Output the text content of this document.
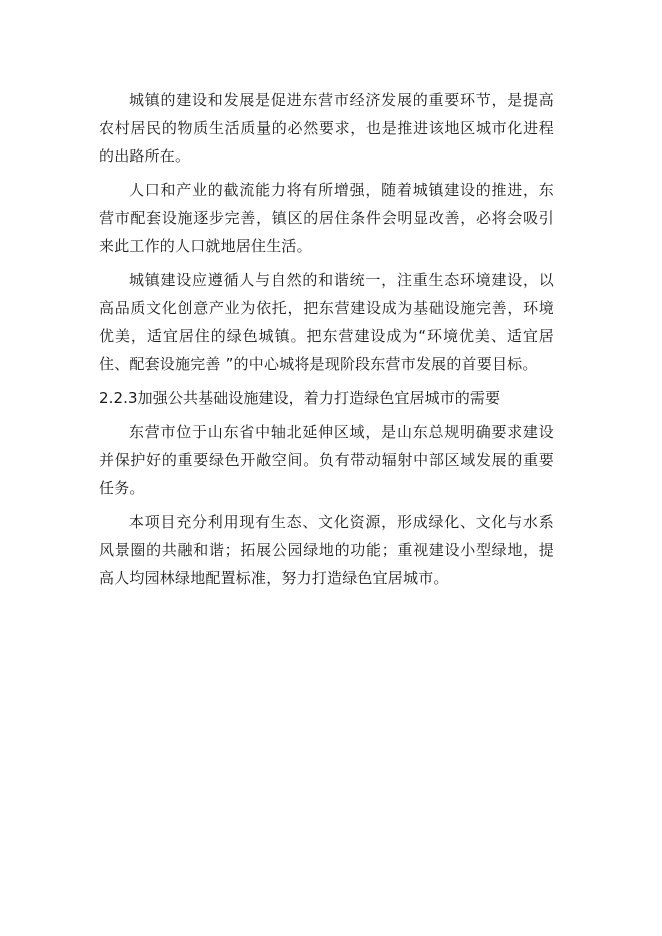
城镇的建设和发展是促进东营市经济发展的重要环节，是提高农村居民的物质生活质量的必然要求，也是推进该地区城市化进程的出路所在。

人口和产业的截流能力将有所增强，随着城镇建设的推进，东营市配套设施逐步完善，镇区的居住条件会明显改善，必将会吸引来此工作的人口就地居住生活。

城镇建设应遵循人与自然的和谐统一，注重生态环境建设，以高品质文化创意产业为依托，把东营建设成为基础设施完善，环境优美，适宜居住的绿色城镇。把东营建设成为“环境优美、适宜居住、配套设施完善 ”的中心城将是现阶段东营市发展的首要目标。

2.2.3加强公共基础设施建设，着力打造绿色宜居城市的需要

东营市位于山东省中轴北延伸区域，是山东总规明确要求建设并保护好的重要绿色开敞空间。负有带动辐射中部区域发展的重要任务。

本项目充分利用现有生态、文化资源，形成绿化、文化与水系风景圈的共融和谐；拓展公园绿地的功能；重视建设小型绿地，提高人均园林绿地配置标准，努力打造绿色宜居城市。
